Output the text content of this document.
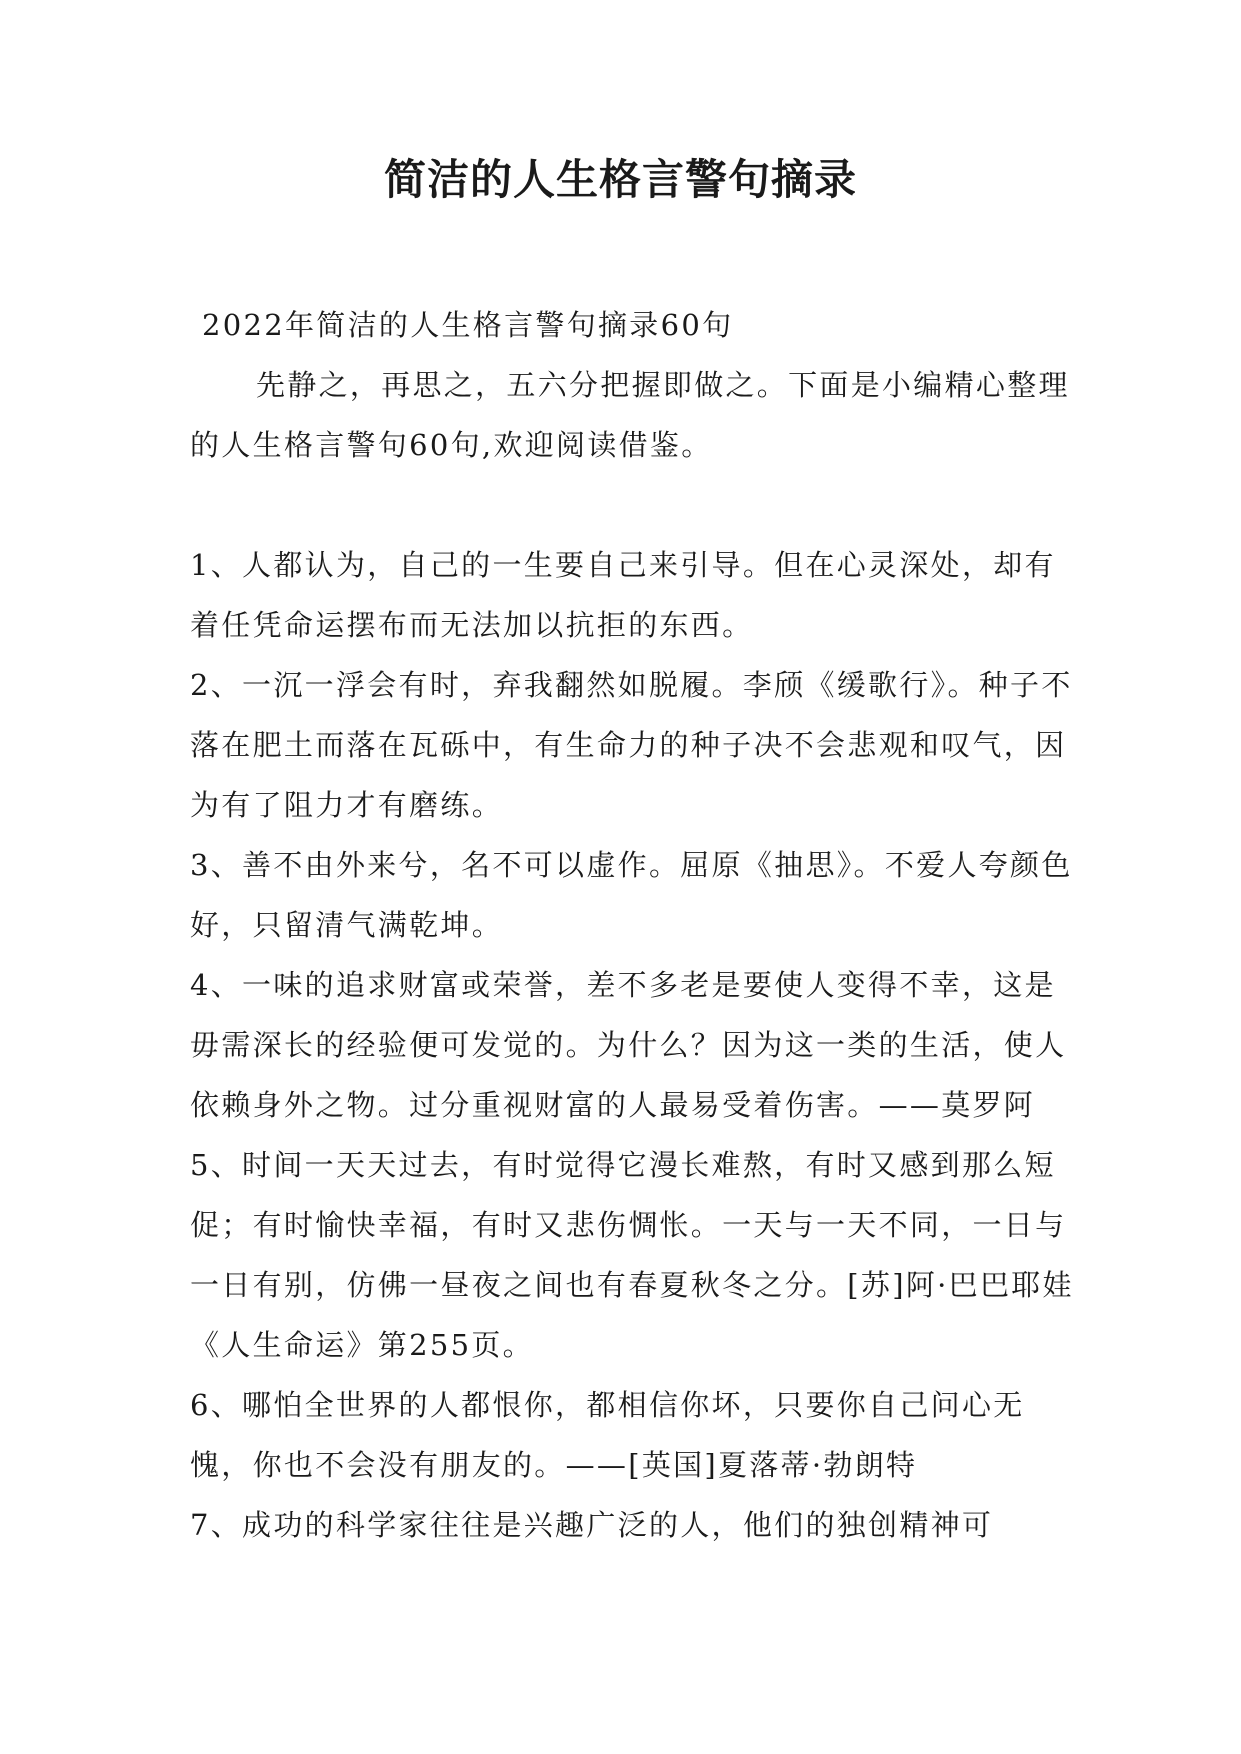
简洁的人生格言警句摘录

2022年简洁的人生格言警句摘录60句

先静之，再思之，五六分把握即做之。下面是小编精心整理的人生格言警句60句,欢迎阅读借鉴。

1、人都认为，自己的一生要自己来引导。但在心灵深处，却有着任凭命运摆布而无法加以抗拒的东西。

2、一沉一浮会有时，弃我翻然如脱履。李颀《缓歌行》。种子不落在肥土而落在瓦砾中，有生命力的种子决不会悲观和叹气，因为有了阻力才有磨练。

3、善不由外来兮，名不可以虚作。屈原《抽思》。不爱人夸颜色好，只留清气满乾坤。

4、一味的追求财富或荣誉，差不多老是要使人变得不幸，这是毋需深长的经验便可发觉的。为什么？因为这一类的生活，使人依赖身外之物。过分重视财富的人最易受着伤害。——莫罗阿

5、时间一天天过去，有时觉得它漫长难熬，有时又感到那么短促；有时愉快幸福，有时又悲伤惆怅。一天与一天不同，一日与一日有别，仿佛一昼夜之间也有春夏秋冬之分。[苏]阿·巴巴耶娃《人生命运》第255页。

6、哪怕全世界的人都恨你，都相信你坏，只要你自己问心无愧，你也不会没有朋友的。——[英国]夏落蒂·勃朗特

7、成功的科学家往往是兴趣广泛的人，他们的独创精神可
